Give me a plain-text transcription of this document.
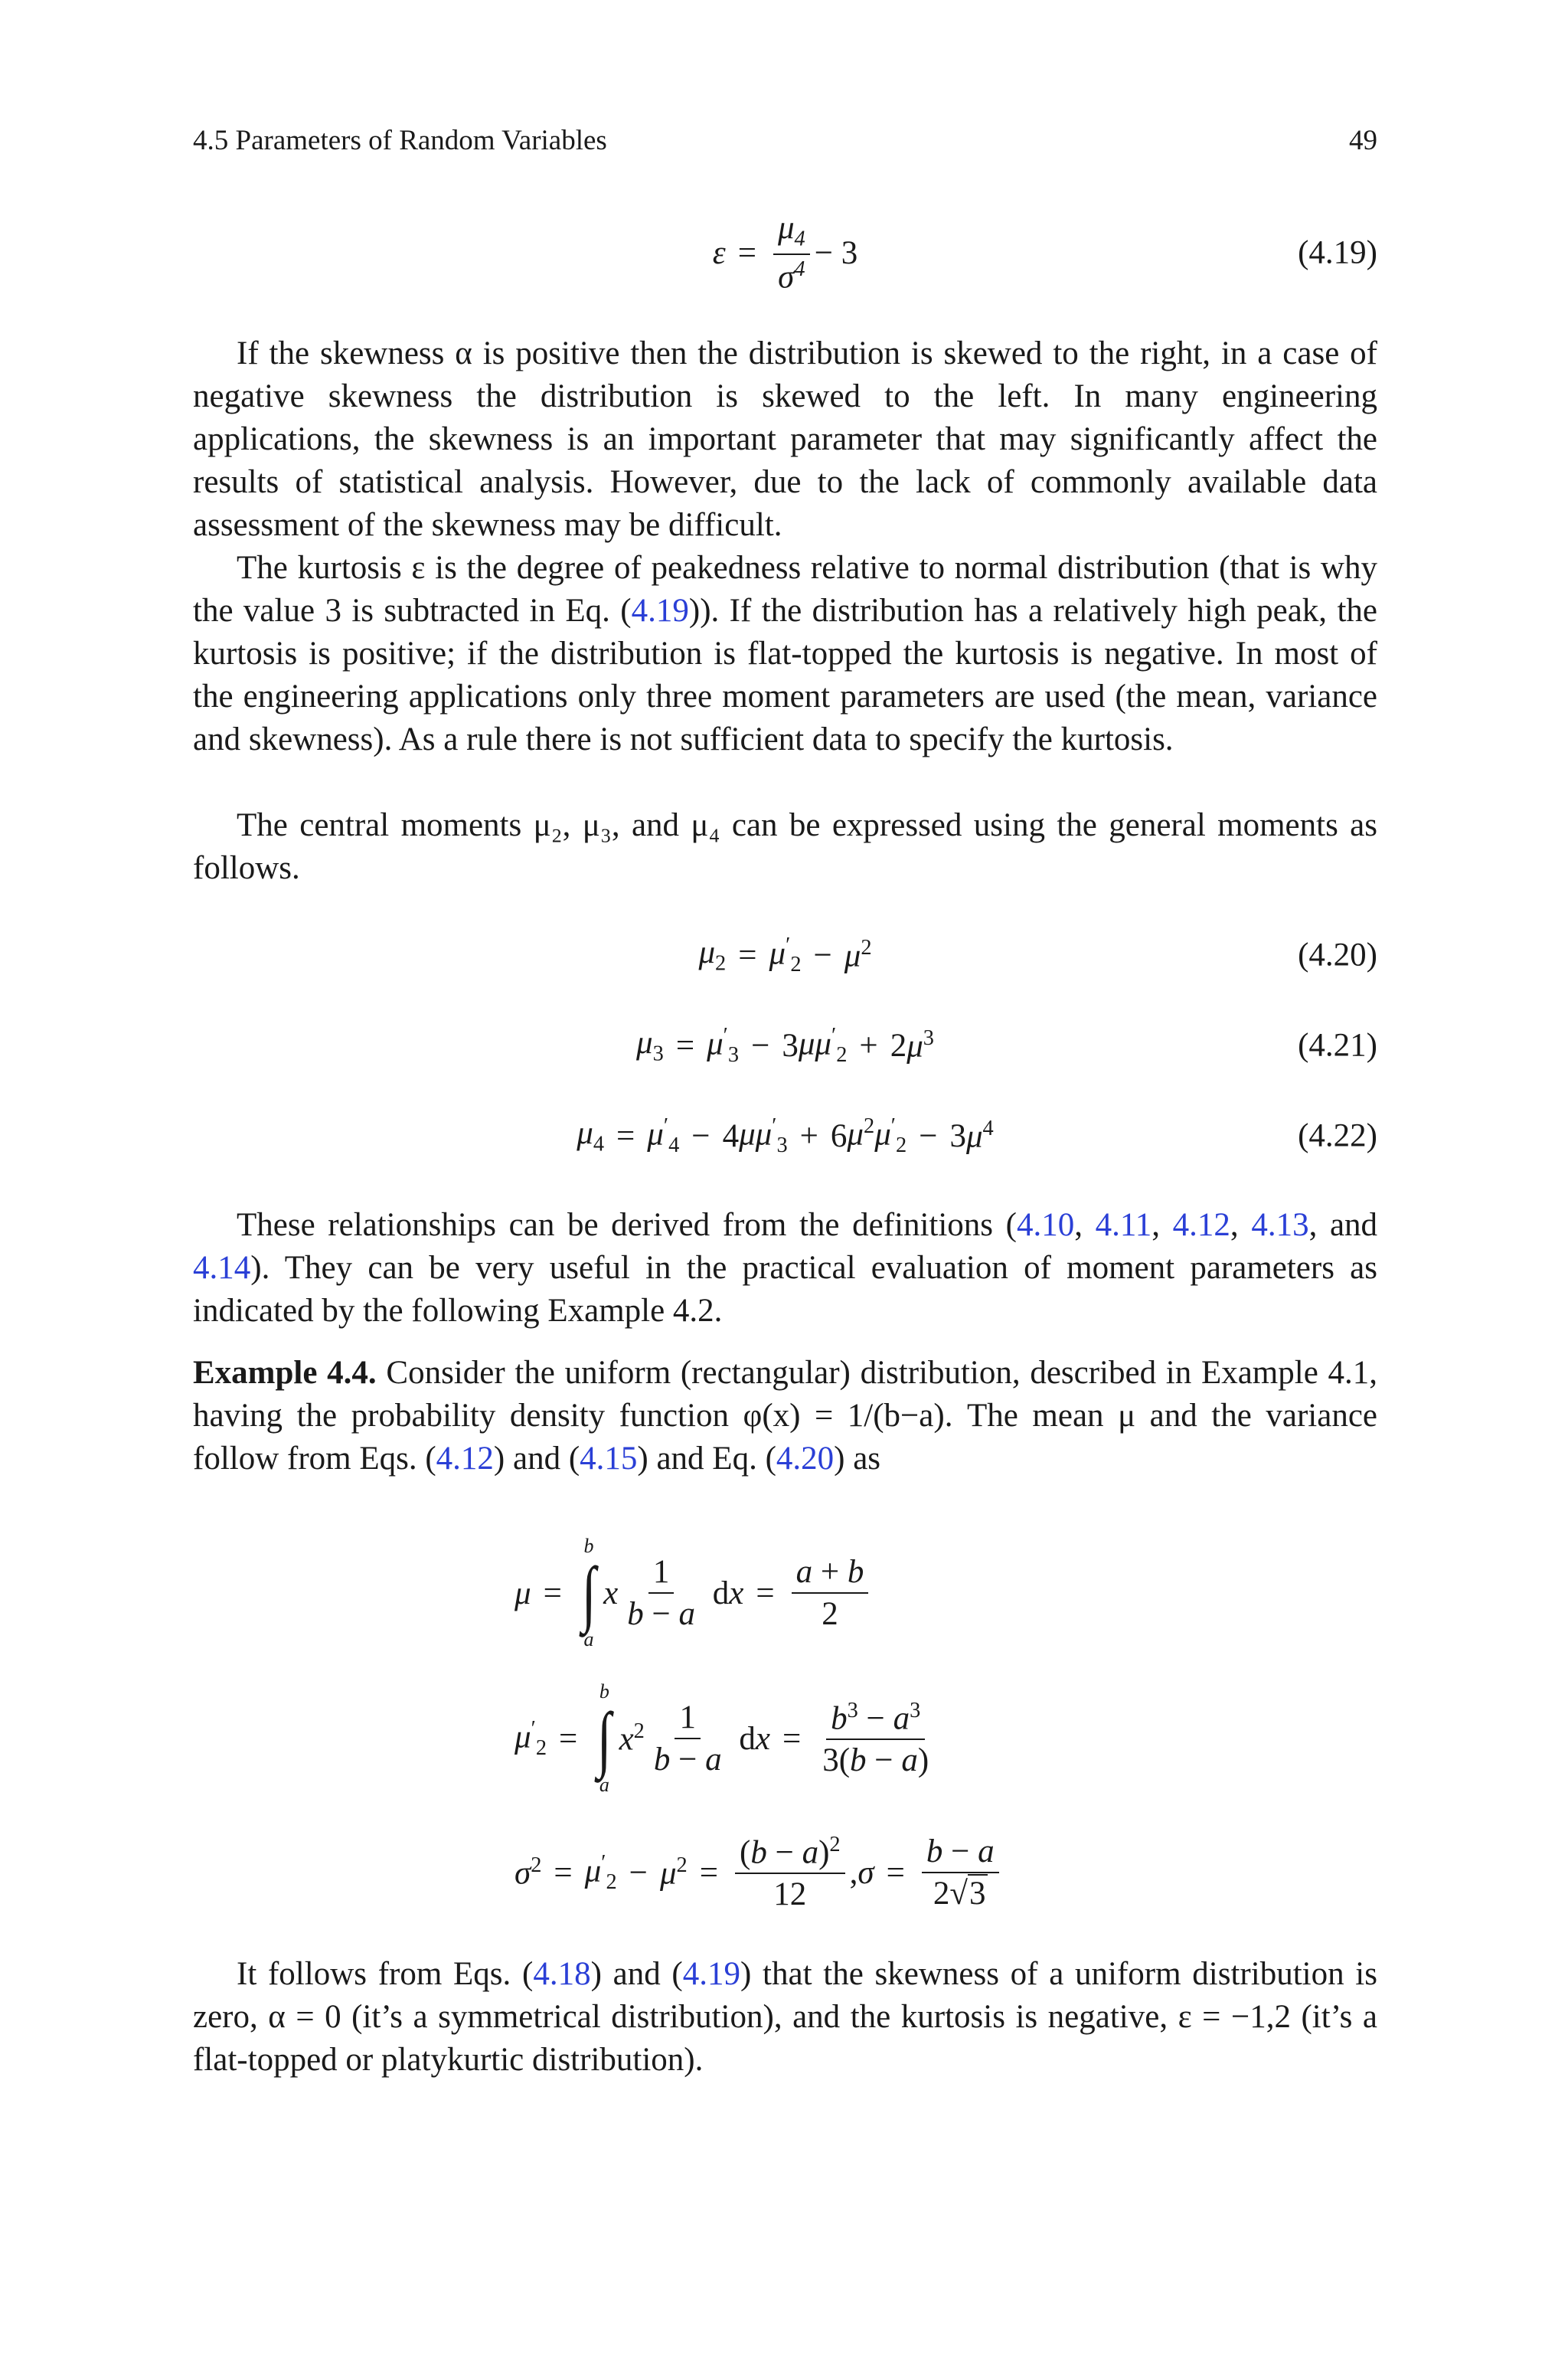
4.5 Parameters of Random Variables	49
$\varepsilon = \frac{\mu_4}{\sigma^4} - 3$	(4.19)
If the skewness α is positive then the distribution is skewed to the right, in a case of negative skewness the distribution is skewed to the left. In many engineering applications, the skewness is an important parameter that may significantly affect the results of statistical analysis. However, due to the lack of commonly available data assessment of the skewness may be difficult.
The kurtosis ε is the degree of peakedness relative to normal distribution (that is why the value 3 is subtracted in Eq. (4.19)). If the distribution has a relatively high peak, the kurtosis is positive; if the distribution is flat-topped the kurtosis is negative. In most of the engineering applications only three moment parameters are used (the mean, variance and skewness). As a rule there is not sufficient data to specify the kurtosis.
The central moments μ₂, μ₃, and μ₄ can be expressed using the general moments as follows.
$\mu_2 = \mu'_2 - \mu^2$	(4.20)
$\mu_3 = \mu'_3 - 3$ $\mu\mu'_2 + 2$ $\mu^3$	(4.21)
$\mu_4 = \mu'_4 - 4$ $\mu\mu'_3 + 6$ $\mu^2\mu'_2 - 3$ $\mu^4$	(4.22)
These relationships can be derived from the definitions (4.10, 4.11, 4.12, 4.13, and 4.14). They can be very useful in the practical evaluation of moment parameters as indicated by the following Example 4.2.
Example 4.4. Consider the uniform (rectangular) distribution, described in Example 4.1, having the probability density function φ(x) = 1/(b−a). The mean μ and the variance follow from Eqs. (4.12) and (4.15) and Eq. (4.20) as
μ =
b
∫
a
x $\frac{1}{b - a}$ d $x = \frac{a + b}{2}$
$\mu'_2$ =
b
∫
a
$x^2 \frac{1}{b - a}$ d $x = \frac{b^3 - a^3}{3(b - a)}$
$\sigma^2 = \mu'_2 - \mu^2 = \frac{(b - a)^2}{12}$ , $\sigma = \frac{b - a}{2√3}$
It follows from Eqs. (4.18) and (4.19) that the skewness of a uniform distribution is zero, α = 0 (it’s a symmetrical distribution), and the kurtosis is negative, ε = −1,2 (it’s a flat-topped or platykurtic distribution).
